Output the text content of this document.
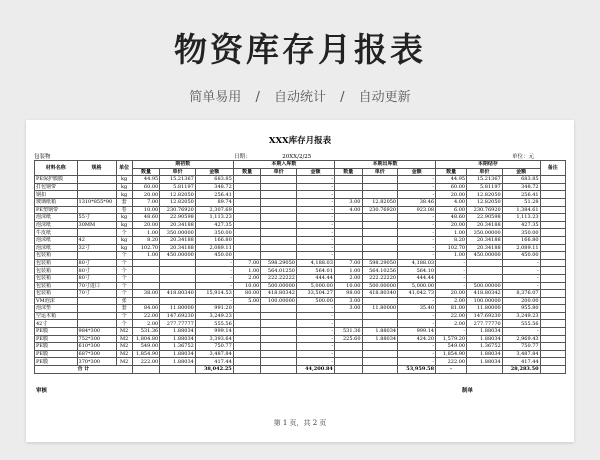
物资库存月报表
简单易用 / 自动统计 / 自动更新
XXX库存月报表
包装物	日期：	20XX/2/25	单位：元
材料名称	规格	单位	期初数			本期入库数			本期出库数			本期结存			备注
			数量	单价	金额	数量	单价	金额	数量	单价	金额	数量	单价	金额	
PE保护膜膜		kg	44.95	15.21367	683.85			-			-	44.95	15.21367	683.85	
打包钢带		kg	60.00	5.81197	348.72			-			-	60.00	5.81197	348.72	
钢扣		kg	20.00	12.82050	256.41			-			-	20.00	12.82050	256.41	
玻璃纸箱	1310*855*90	套	7.00	12.82050	89.74			-	3.00	12.82050	38.46	4.00	12.82050	51.28	
PE塑钢带		卷	10.00	230.76920	2,307.69			-	4.00	230.76920	923.08	6.00	230.76920	1,384.61	
泡沫纸	55寸	kg	48.60	22.90598	1,113.23			-			-	48.60	22.90598	1,113.23	
泡沫纸	30MM	kg	20.00	20.34188	427.35			-			-	20.00	20.34188	427.35	
牛皮纸		个	1.00	350.00000	350.00			-			-	1.00	350.00000	350.00	
泡沫纸	42	kg	8.20	20.34188	166.80			-			-	8.20	20.34188	166.80	
泡沫纸	32寸	kg	102.70	20.34188	2,089.11			-			-	102.70	20.34188	2,089.11	
包装箱		个	1.00	450.00000	450.00			-			-	1.00	450.00000	450.00	
包装箱	80寸	个			-	7.00	598.29050	4,188.03	7.00	598.29050	4,188.03	-		-	
包装箱	80寸	个			-	1.00	564.01250	564.01	1.00	564.10256	564.10	-		-	
包装箱	80寸	个			-	2.00	222.22222	444.44	2.00	222.22220	444.44	-		-	
包装箱	70寸进口	个			-	10.00	500.00000	5,000.00	10.00	500.00000	5,000.00	-	500.00000	-	
包装箱	70寸	个	38.00	418.80340	15,914.53	80.00	418.80342	33,504.27	98.00	418.80340	41,042.73	20.00	418.80342	8,376.07	
VM泡沫		张			-	5.00	100.00000	500.00	3.00		-	2.00	100.00000	200.00	
泡沫垫		套	84.00	11.80000	991.20			-	3.00	11.80000	35.40	81.00	11.80000	955.80	
空运木箱		个	22.00	147.69230	3,249.23			-			-	22.00	147.69230	3,249.23	
42寸		个	2.00	277.77777	555.56			-			-	2.00	277.77770	555.56	
PE膜	984*300	M2	531.36	1.88034	999.14			-	531.36	1.88034	999.14	-	1.88034	-	
PE膜	752*300	M2	1,804.80	1.88034	3,393.64			-	225.60	1.88034	424.20	1,579.20	1.88034	2,969.43	
PE膜	610*300	M2	549.00	1.36752	750.77			-			-	549.00	1.36752	750.77	
PE膜	687*300	M2	1,854.90	1.88034	3,487.84			-			-	1,854.90	1.88034	3,487.84	
PE膜	370*300	M2	222.00	1.88034	417.44			-			-	222.00	1.88034	417.44	
合 计					38,042.25			44,200.84			53,959.58	-		28,283.50	
审核	制单
第 1 页，共 2 页
